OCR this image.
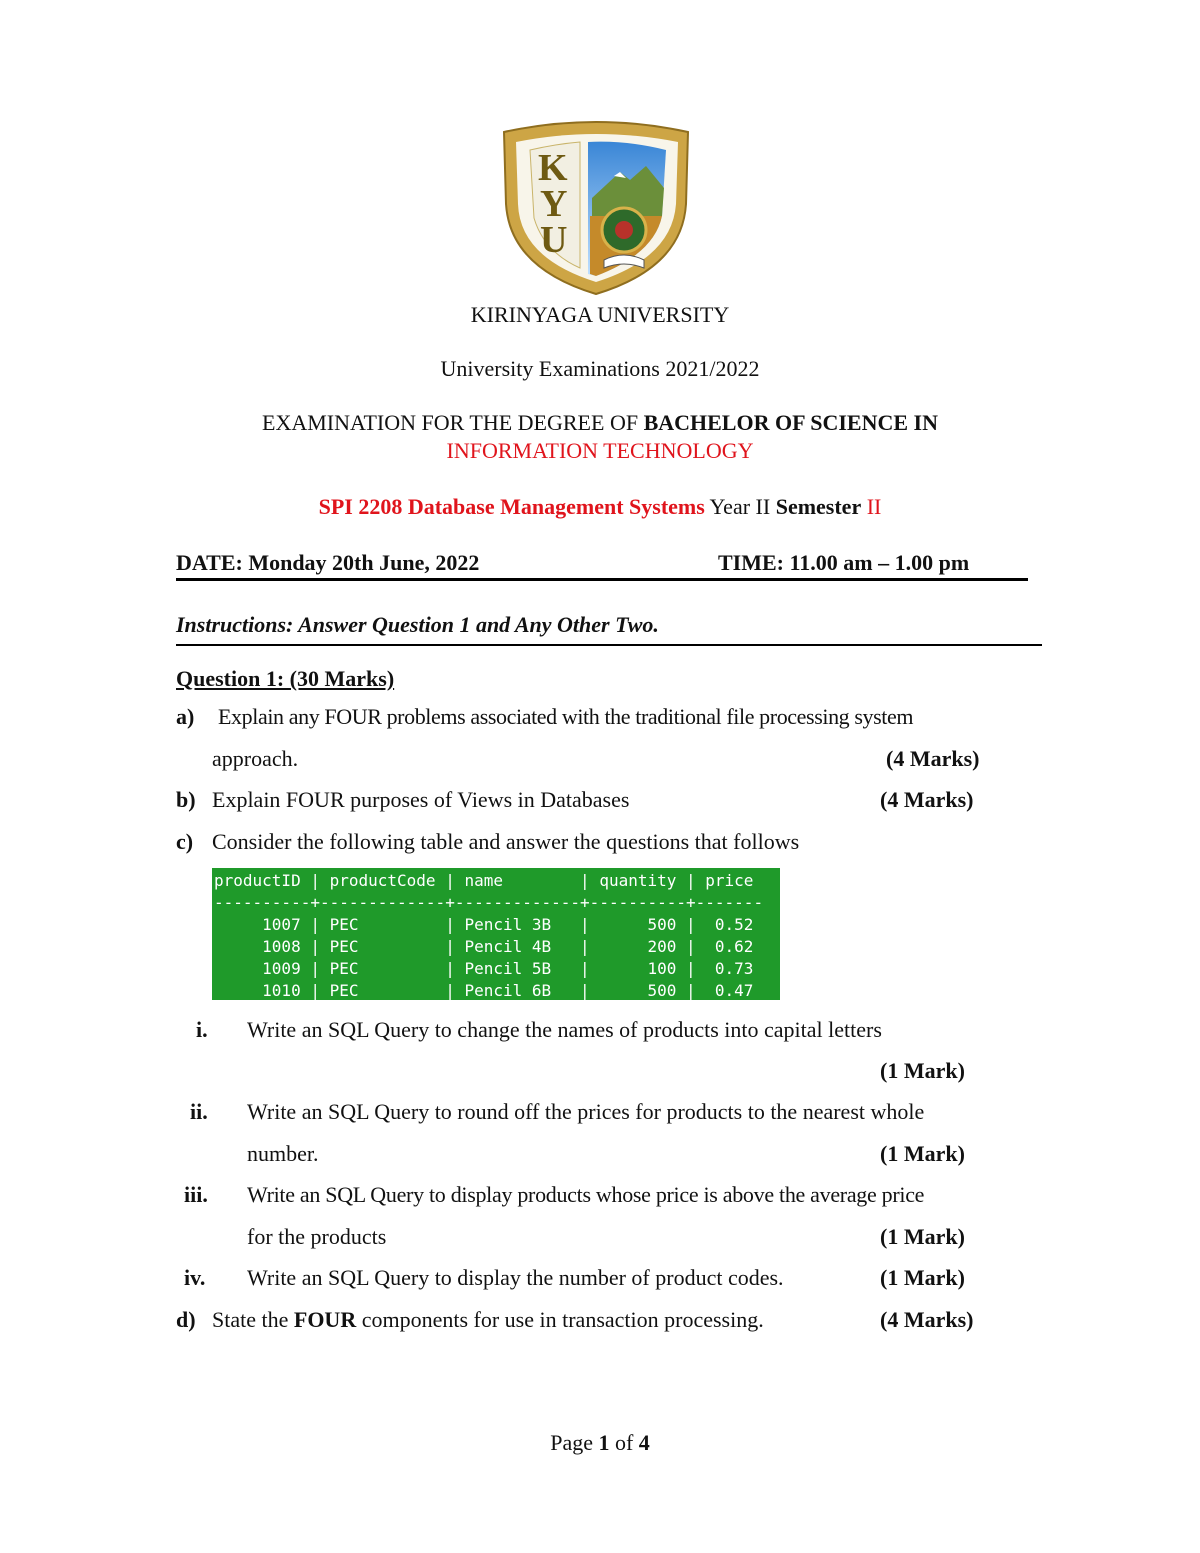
K
Y
U
KIRINYAGA UNIVERSITY
University Examinations 2021/2022
EXAMINATION FOR THE DEGREE OF BACHELOR OF SCIENCE IN
INFORMATION TECHNOLOGY
SPI 2208 Database Management Systems Year II Semester II
DATE: Monday 20th June, 2022	TIME: 11.00 am – 1.00 pm
Instructions: Answer Question 1 and Any Other Two.
Question 1: (30 Marks)
a) Explain any FOUR problems associated with the traditional file processing system
approach.	(4 Marks)
b) Explain FOUR purposes of Views in Databases	(4 Marks)
c) Consider the following table and answer the questions that follows
productID | productCode | name        | quantity | price
----------+-------------+-------------+----------+-------
1007 | PEC         | Pencil 3B   |      500 |  0.52
1008 | PEC         | Pencil 4B   |      200 |  0.62
1009 | PEC         | Pencil 5B   |      100 |  0.73
1010 | PEC         | Pencil 6B   |      500 |  0.47
i. Write an SQL Query to change the names of products into capital letters
(1 Mark)
ii. Write an SQL Query to round off the prices for products to the nearest whole
number.	(1 Mark)
iii. Write an SQL Query to display products whose price is above the average price
for the products	(1 Mark)
iv. Write an SQL Query to display the number of product codes.	(1 Mark)
d) State the FOUR components for use in transaction processing.	(4 Marks)
Page 1 of 4
